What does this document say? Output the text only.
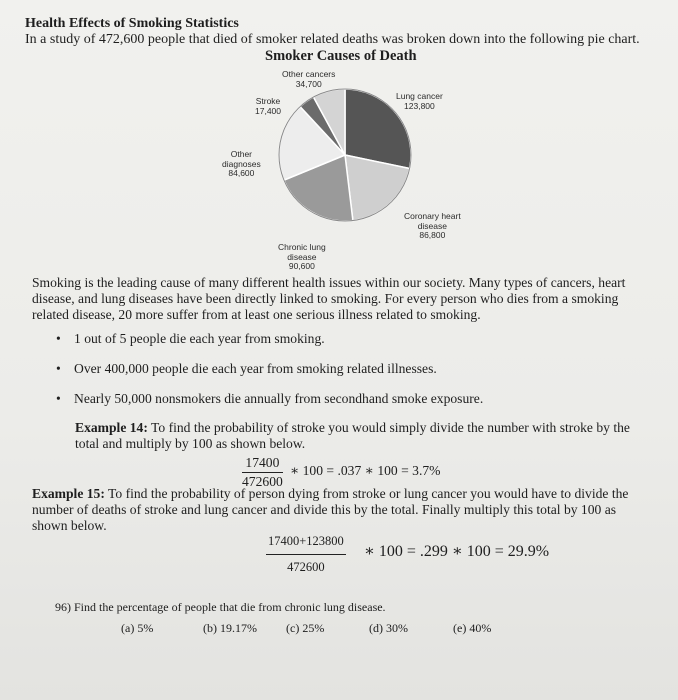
Health Effects of Smoking Statistics
In a study of 472,600 people that died of smoker related deaths was broken down into the following pie chart.
Smoker Causes of Death
Other cancers
34,700
Lung cancer
123,800
Stroke
17,400
Other
diagnoses
84,600
Coronary heart
disease
86,800
Chronic lung
disease
90,600
Smoking is the leading cause of many different health issues within our society. Many types of cancers, heart
disease, and lung diseases have been directly linked to smoking. For every person who dies from a smoking
related disease, 20 more suffer from at least one serious illness related to smoking.
• 1 out of 5 people die each year from smoking.
• Over 400,000 people die each year from smoking related illnesses.
• Nearly 50,000 nonsmokers die annually from secondhand smoke exposure.
Example 14: To find the probability of stroke you would simply divide the number with stroke by the
total and multiply by 100 as shown below.
$\frac{17400}{472600}$ ∗ 100 = .037 ∗ 100 = 3.7%
Example 15: To find the probability of person dying from stroke or lung cancer you would have to divide the
number of deaths of stroke and lung cancer and divide this by the total. Finally multiply this total by 100 as
shown below.
$\frac{17400+123800}{472600}$ ∗ 100 = .299 ∗ 100 = 29.9%
96) Find the percentage of people that die from chronic lung disease.
(a) 5%	(b) 19.17% (c) 25%	(d) 30%	(e) 40%
